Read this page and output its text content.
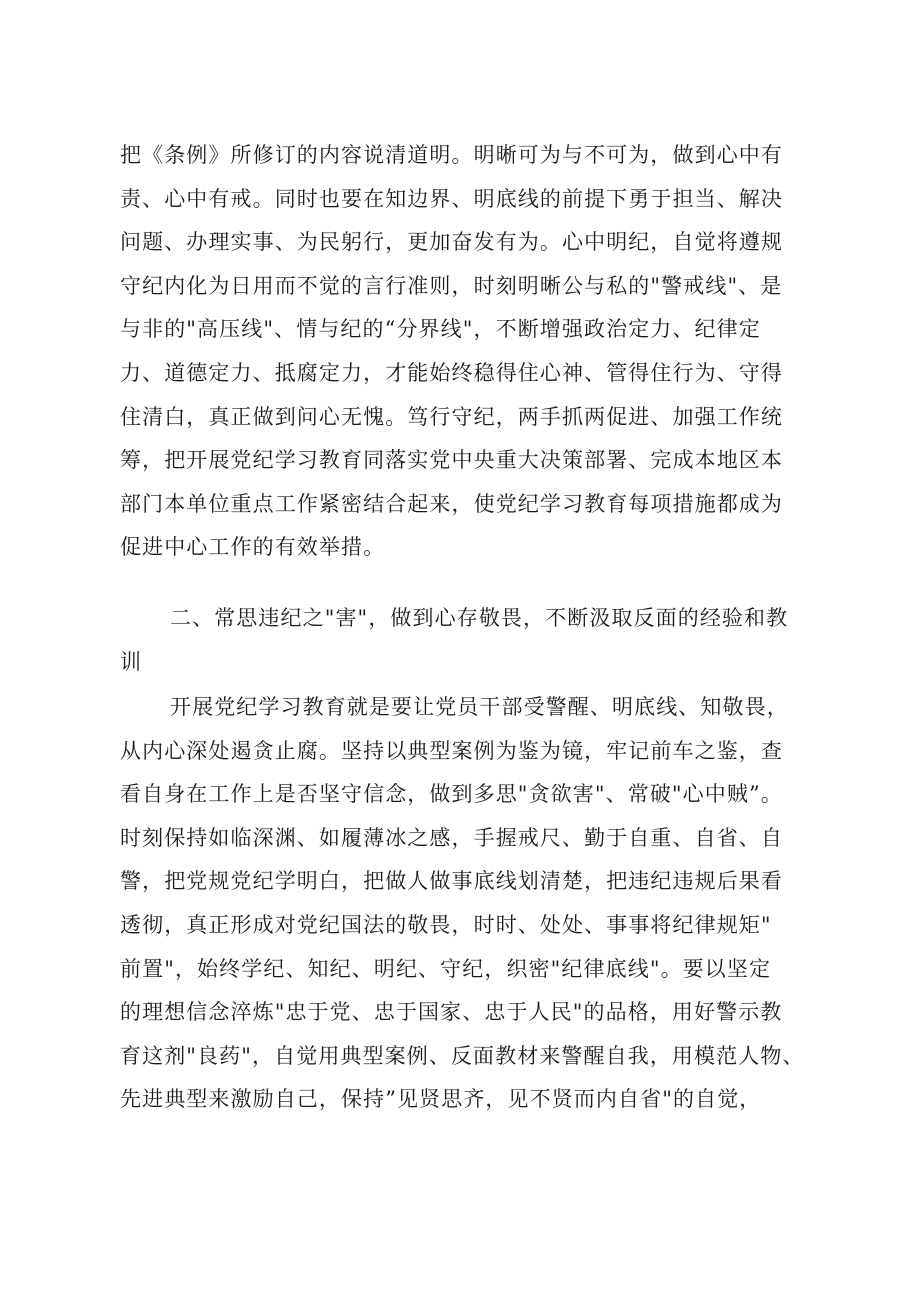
把《条例》所修订的内容说清道明。明晰可为与不可为，做到心中有
责、心中有戒。同时也要在知边界、明底线的前提下勇于担当、解决
问题、办理实事、为民躬行，更加奋发有为。心中明纪，自觉将遵规
守纪内化为日用而不觉的言行准则，时刻明晰公与私的"警戒线"、是
与非的"高压线"、情与纪的“分界线"，不断增强政治定力、纪律定
力、道德定力、抵腐定力，才能始终稳得住心神、管得住行为、守得
住清白，真正做到问心无愧。笃行守纪，两手抓两促进、加强工作统
筹，把开展党纪学习教育同落实党中央重大决策部署、完成本地区本
部门本单位重点工作紧密结合起来，使党纪学习教育每项措施都成为
促进中心工作的有效举措。
二、常思违纪之"害"，做到心存敬畏，不断汲取反面的经验和教
训
开展党纪学习教育就是要让党员干部受警醒、明底线、知敬畏，
从内心深处遏贪止腐。坚持以典型案例为鉴为镜，牢记前车之鉴，查
看自身在工作上是否坚守信念，做到多思"贪欲害"、常破"心中贼”。
时刻保持如临深渊、如履薄冰之感，手握戒尺、勤于自重、自省、自
警，把党规党纪学明白，把做人做事底线划清楚，把违纪违规后果看
透彻，真正形成对党纪国法的敬畏，时时、处处、事事将纪律规矩"
前置"，始终学纪、知纪、明纪、守纪，织密"纪律底线"。要以坚定
的理想信念淬炼"忠于党、忠于国家、忠于人民"的品格，用好警示教
育这剂"良药"，自觉用典型案例、反面教材来警醒自我，用模范人物、
先进典型来激励自己，保持”见贤思齐，见不贤而内自省"的自觉，
